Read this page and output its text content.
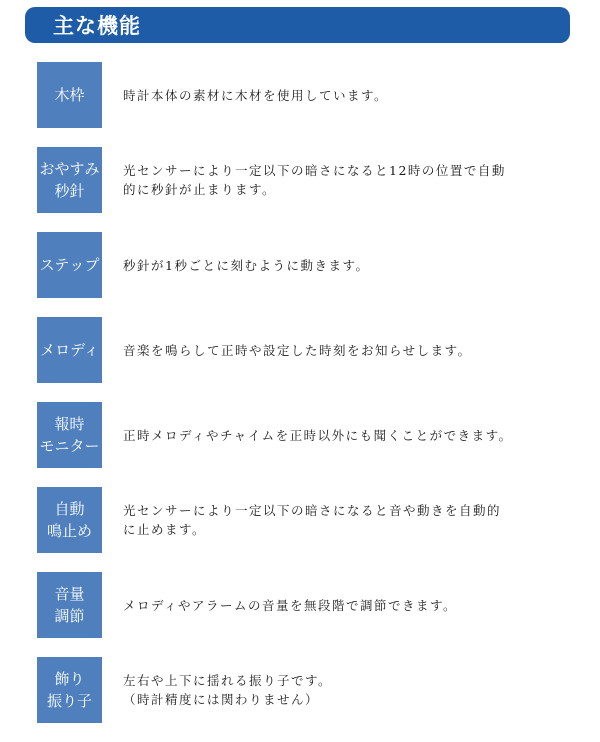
主な機能
木枠	時計本体の素材に木材を使用しています。
おやすみ
秒針
光センサーにより一定以下の暗さになると12時の位置で自動
的に秒針が止まります。
ステップ 秒針が1秒ごとに刻むように動きます。
メロディ 音楽を鳴らして正時や設定した時刻をお知らせします。
報時
モニター
正時メロディやチャイムを正時以外にも聞くことができます。
自動
鳴止め
光センサーにより一定以下の暗さになると音や動きを自動的
に止めます。
音量
調節
メロディやアラームの音量を無段階で調節できます。
飾り
振り子
左右や上下に揺れる振り子です。
（時計精度には関わりません）
